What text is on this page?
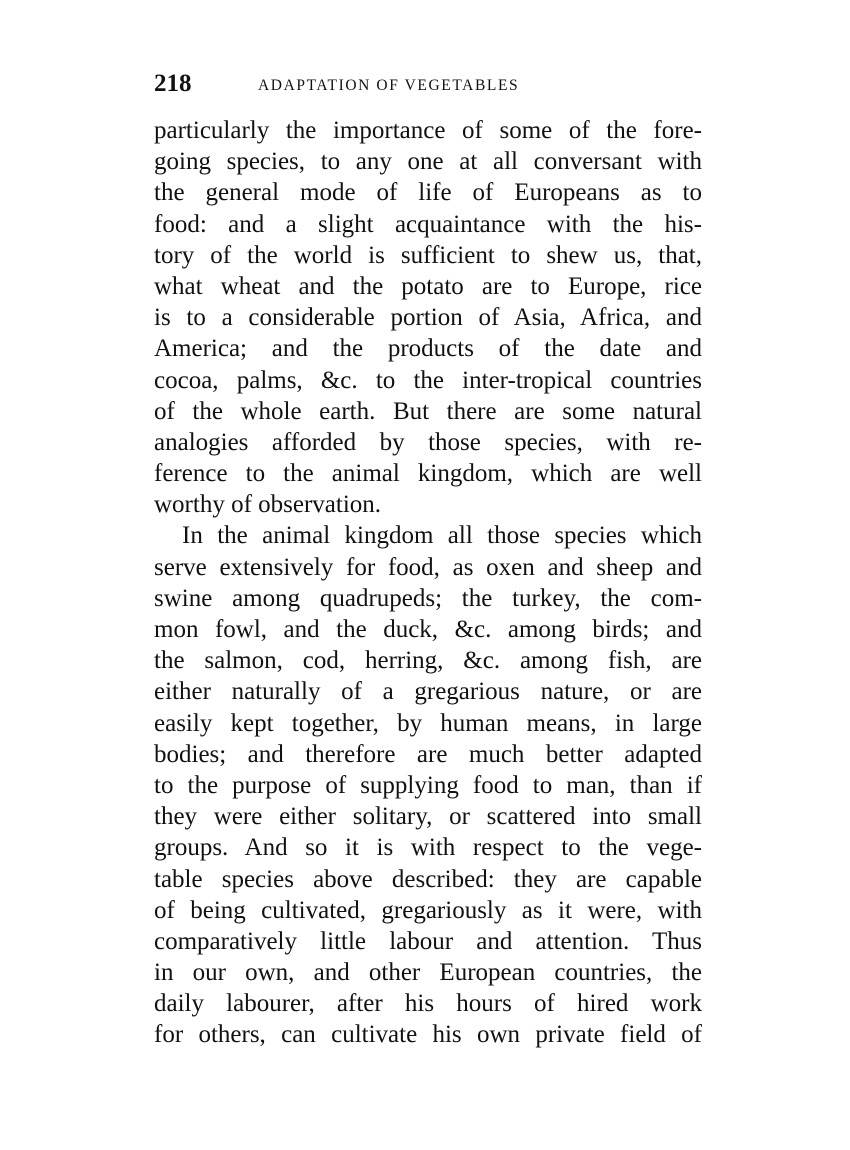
218	ADAPTATION OF VEGETABLES
particularly the importance of some of the fore-
going species, to any one at all conversant with
the general mode of life of Europeans as to
food: and a slight acquaintance with the his-
tory of the world is sufficient to shew us, that,
what wheat and the potato are to Europe, rice
is to a considerable portion of Asia, Africa, and
America; and the products of the date and
cocoa, palms, &c. to the inter-tropical countries
of the whole earth. But there are some natural
analogies afforded by those species, with re-
ference to the animal kingdom, which are well
worthy of observation.
In the animal kingdom all those species which
serve extensively for food, as oxen and sheep and
swine among quadrupeds; the turkey, the com-
mon fowl, and the duck, &c. among birds; and
the salmon, cod, herring, &c. among fish, are
either naturally of a gregarious nature, or are
easily kept together, by human means, in large
bodies; and therefore are much better adapted
to the purpose of supplying food to man, than if
they were either solitary, or scattered into small
groups. And so it is with respect to the vege-
table species above described: they are capable
of being cultivated, gregariously as it were, with
comparatively little labour and attention. Thus
in our own, and other European countries, the
daily labourer, after his hours of hired work
for others, can cultivate his own private field of
